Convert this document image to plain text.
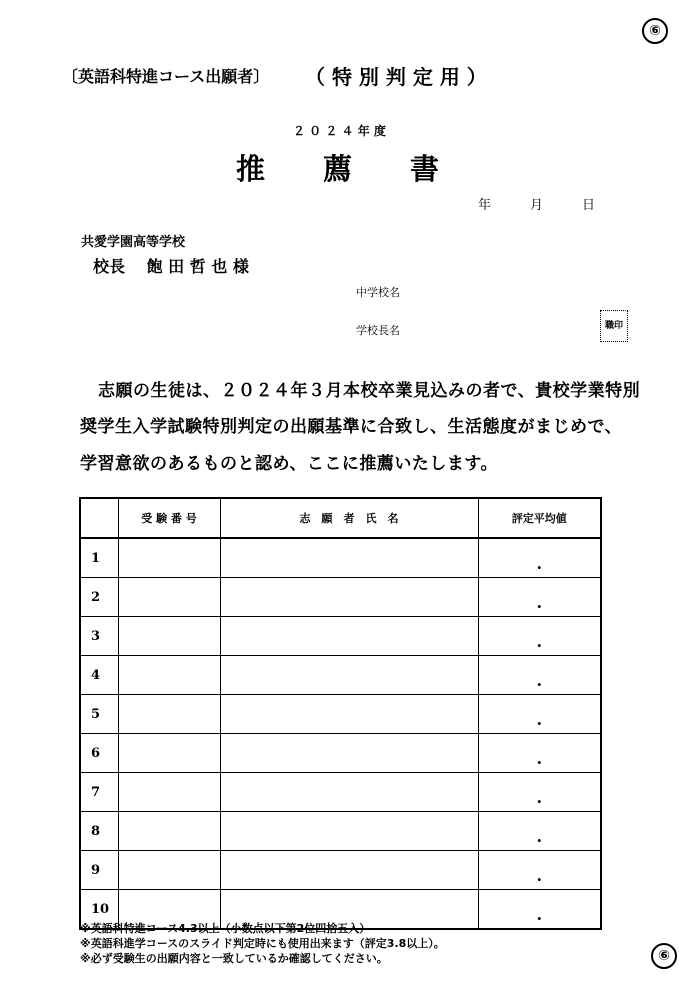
⑥
〔英語科特進コース出願者〕 （ 特 別 判 定 用 ）
２ ０ ２ ４ 年 度
推　　薦　　書
年　　　月　　　日
共愛学園高等学校
校長　 飽 田 哲 也 様
中学校名
学校長名	職印
志願の生徒は、２０２４年３月本校卒業見込みの者で、貴校学業特別
奨学生入学試験特別判定の出願基準に合致し、生活態度がまじめで、
学習意欲のあるものと認め、ここに推薦いたします。
	受 験 番 号	志　願　者　氏　名	評定平均値
1			.
2			.
3			.
4			.
5			.
6			.
7			.
8			.
9			.
10			.
※英語科特進コース4.3以上（小数点以下第2位四捨五入）
※英語科進学コースのスライド判定時にも使用出来ます（評定3.8以上）。
※必ず受験生の出願内容と一致しているか確認してください。	⑥
